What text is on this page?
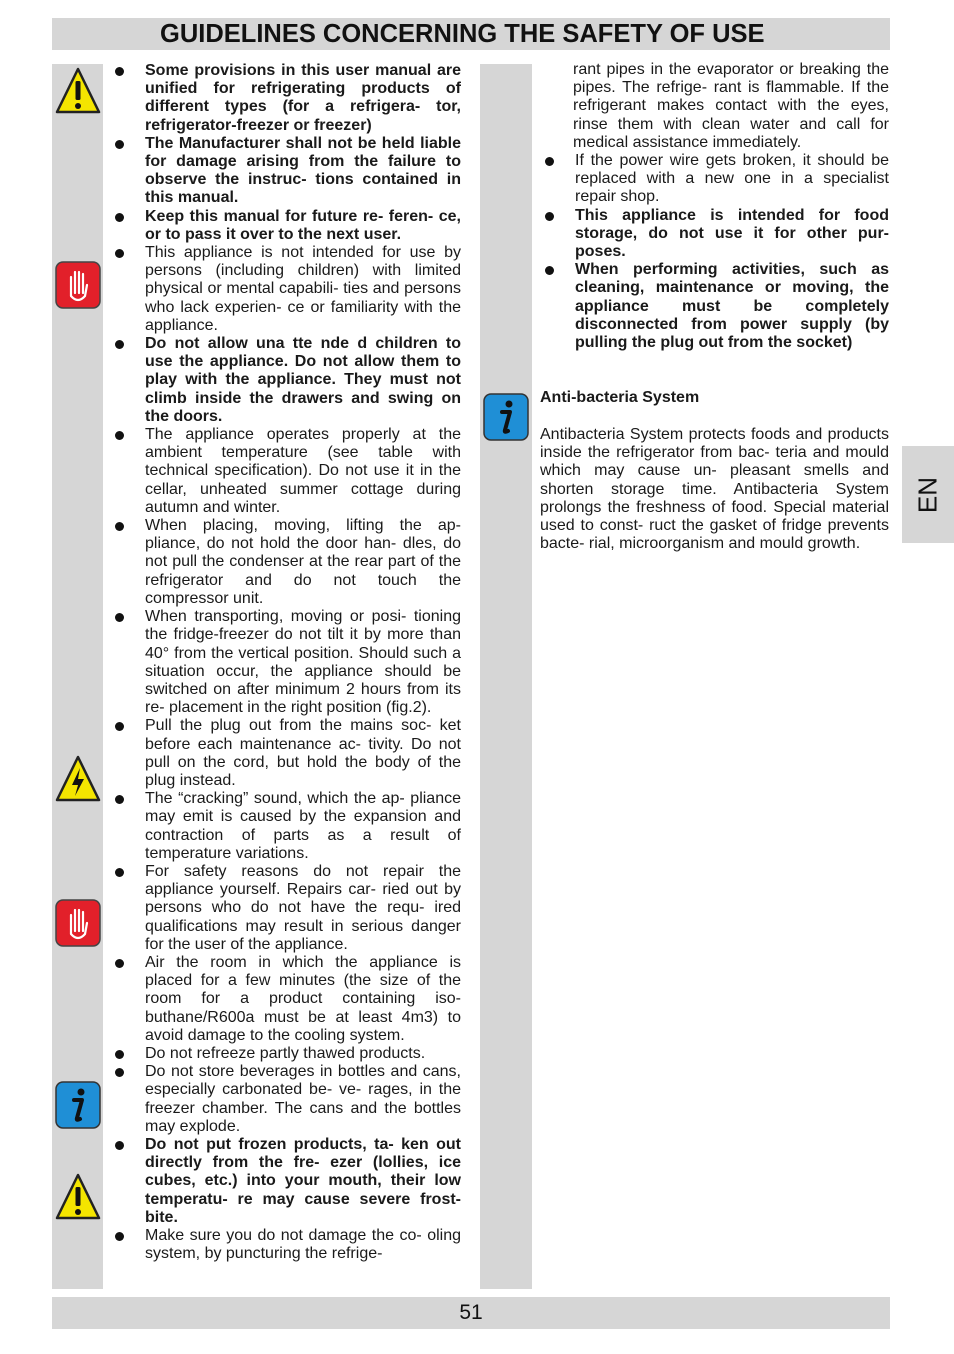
GUIDELINES CONCERNING THE SAFETY OF USE
Some provisions in this user manual are unified for refrigerating products of different types (for a refrigera- tor, refrigerator-freezer or freezer)
The Manufacturer shall not be held liable for damage arising from the failure to observe the instruc- tions contained in this manual.
Keep this manual for future re- feren- ce, or to pass it over to the next user.
This appliance is not intended for use by persons (including children) with limited physical or mental capabili- ties and persons who lack experien- ce or familiarity with the appliance.
Do not allow una tte nde d children to use the appliance. Do not allow them to play with the appliance. They must not climb inside the drawers and swing on the doors.
The appliance operates properly at the ambient temperature (see table with technical specification). Do not use it in the cellar, unheated summer cottage during autumn and winter.
When placing, moving, lifting the ap- pliance, do not hold the door han- dles, do not pull the condenser at the rear part of the refrigerator and do not touch the compressor unit.
When transporting, moving or posi- tioning the fridge-freezer do not tilt it by more than 40° from the vertical position. Should such a situation occur, the appliance should be switched on after minimum 2 hours from its re- placement in the right position (fig.2).
Pull the plug out from the mains soc- ket before each maintenance ac- tivity. Do not pull on the cord, but hold the body of the plug instead.
The “cracking” sound, which the ap- pliance may emit is caused by the expansion and contraction of parts as a result of temperature variations.
For safety reasons do not repair the appliance yourself. Repairs car- ried out by persons who do not have the requ- ired qualifications may result in serious danger for the user of the appliance.
Air the room in which the appliance is placed for a few minutes (the size of the room for a product containing iso- buthane/R600a must be at least 4m3) to avoid damage to the cooling system.
Do not refreeze partly thawed products.
Do not store beverages in bottles and cans, especially carbonated be- ve- rages, in the freezer chamber. The cans and the bottles may explode.
Do not put frozen products, ta- ken out directly from the fre- ezer (lollies, ice cubes, etc.) into your mouth, their low temperatu- re may cause severe frost-bite.
Make sure you do not damage the co- oling system, by puncturing the refrige-
rant pipes in the evaporator or breaking the pipes. The refrige- rant is flammable. If the refrigerant makes contact with the eyes, rinse them with clean water and call for medical assistance immediately.
If the power wire gets broken, it should be replaced with a new one in a specialist repair shop.
This appliance is intended for food storage, do not use it for other pur- poses.
When performing activities, such as cleaning, maintenance or moving, the appliance must be completely disconnected from power supply (by pulling the plug out from the socket)
Anti-bacteria System
Antibacteria System protects foods and products inside the refrigerator from bac- teria and mould which may cause un- pleasant smells and shorten storage time. Antibacteria System prolongs the freshness of food. Special material used to const- ruct the gasket of fridge prevents bacte- rial, microorganism and mould growth.
EN
51
